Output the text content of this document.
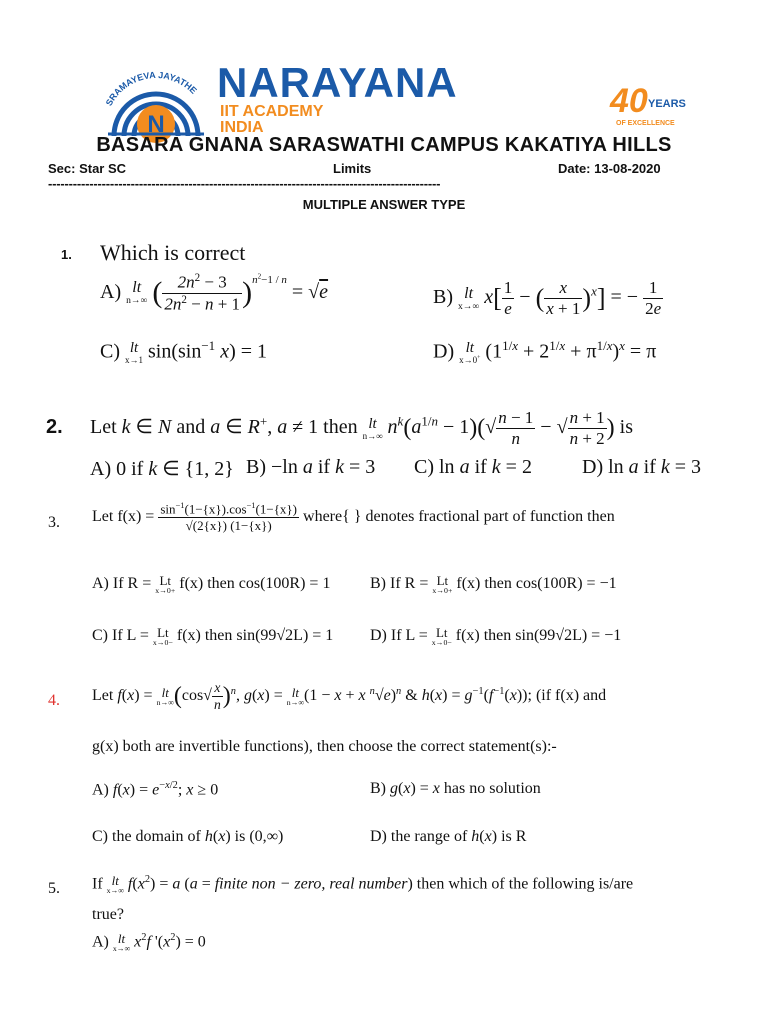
N
SRAMAYEVA JAYATHE NARAYANA
IIT ACADEMY
INDIA
40 YEARS
OF EXCELLENCE
BASARA GNANA SARASWATHI CAMPUS KAKATIYA HILLS
Sec: Star SC	Limits	Date: 13-08-2020
-----------------------------------------------------------------------------------------------
MULTIPLE ANSWER TYPE
1. Which is correct
A) lt
n→∞ ( $\frac{2n^2 - 3}{2n^2 - n + 1} )^{n^2-1 / n} = √e$	B) lt
x→∞ $x[ \frac{1}{e}$ − ( $\frac{x}{x + 1} )^x$] = − $\frac{1}{2e}$
C) lt
x→1 $\sin(\sin^{-1}$ x) = 1	D) lt
x→0+ $(1^{1/x} + 2^{1/x} + \pi^{1/x})^x = \pi$
2. Let k ∈ N and a ∈ R+, a ≠ 1 then lt
n→∞ $n^k(a^{1/n} - 1)(√ \frac{n - 1}{n}$ − √ $\frac{n + 1}{n + 2}$ ) is
A) 0 if k ∈ {1, 2} B) −ln a if k = 3 C) ln a if k = 2	D) ln a if k = 3
3. Let $f(x) = \frac{\sin^{-1}(1-\{x\}).\cos^{-1}(1-\{x\})}{√(2\{x\}) (1-\{x\})}$ where{ } denotes fractional part of function then
A) If R = Lt
x→0+ f(x) then cos(100R) = 1 B) If R = Lt
x→0+ f(x) then cos(100R) = −1
C) If L = Lt
x→0− f(x) then sin(99√2L) = 1 D) If L = Lt
x→0− f(x) then sin(99√2L) = −1
4. Let f(x) = lt
n→∞ $(\cos√ \frac{x}{n} )^n$, g(x) = lt
n→∞ (1 − x + x $^n$√e)$^n$ & $h(x) = g^{-1}(f^{-1}(x))$; (if f(x) and
g(x) both are invertible functions), then choose the correct statement(s):-
A) $f(x) = e^{-x/2}$; x ≥ 0	B) g(x) = x has no solution
C) the domain of h(x) is (0,∞)	D) the range of h(x) is R
5. If lt
x→∞ $f(x^2) = a$ (a = finite non − zero, real number) then which of the following is/are
true?
A) lt
x→∞ $x^2f$ '$(x^2) = 0$
